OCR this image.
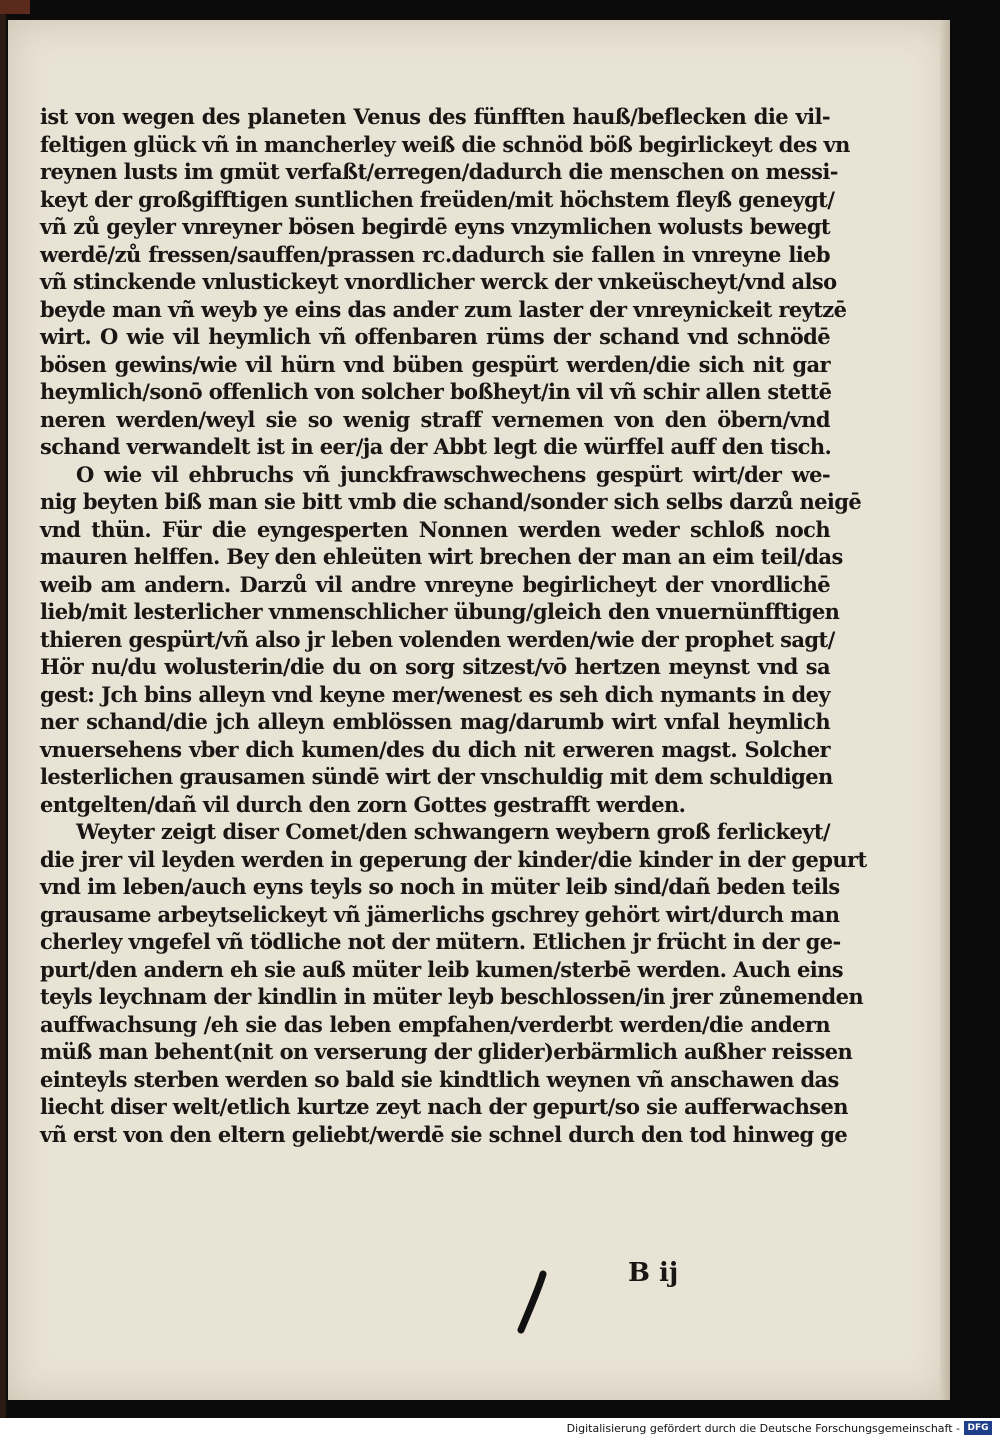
ist von wegen des planeten Venus des fünfften hauß/beflecken die vil-
feltigen glück vñ in mancherley weiß die schnöd böß begirlickeyt des vn
reynen lusts im gmüt verfaßt/erregen/dadurch die menschen on messi-
keyt der großgifftigen suntlichen freüden/mit höchstem fleyß geneygt/
vñ zů geyler vnreyner bösen begirdē eyns vnzymlichen wolusts bewegt
werdē/zů fressen/sauffen/prassen rc.dadurch sie fallen in vnreyne lieb
vñ stinckende vnlustickeyt vnordlicher werck der vnkeüscheyt/vnd also
beyde man vñ weyb ye eins das ander zum laster der vnreynickeit reytzē
wirt. O wie vil heymlich vñ offenbaren rüms der schand vnd schnödē
bösen gewins/wie vil hürn vnd büben gespürt werden/die sich nit gar
heymlich/sonō offenlich von solcher boßheyt/in vil vñ schir allen stettē
neren werden/weyl sie so wenig straff vernemen von den öbern/vnd
schand verwandelt ist in eer/ja der Abbt legt die würffel auff den tisch.
O wie vil ehbruchs vñ junckfrawschwechens gespürt wirt/der we-
nig beyten biß man sie bitt vmb die schand/sonder sich selbs darzů neigē
vnd thün. Für die eyngesperten Nonnen werden weder schloß noch
mauren helffen. Bey den ehleüten wirt brechen der man an eim teil/das
weib am andern. Darzů vil andre vnreyne begirlicheyt der vnordlichē
lieb/mit lesterlicher vnmenschlicher übung/gleich den vnuernünfftigen
thieren gespürt/vñ also jr leben volenden werden/wie der prophet sagt/
Hör nu/du wolusterin/die du on sorg sitzest/vō hertzen meynst vnd sa
gest: Jch bins alleyn vnd keyne mer/wenest es seh dich nymants in dey
ner schand/die jch alleyn emblössen mag/darumb wirt vnfal heymlich
vnuersehens vber dich kumen/des du dich nit erweren magst. Solcher
lesterlichen grausamen sündē wirt der vnschuldig mit dem schuldigen
entgelten/dañ vil durch den zorn Gottes gestrafft werden.
Weyter zeigt diser Comet/den schwangern weybern groß ferlickeyt/
die jrer vil leyden werden in geperung der kinder/die kinder in der gepurt
vnd im leben/auch eyns teyls so noch in müter leib sind/dañ beden teils
grausame arbeytselickeyt vñ jämerlichs gschrey gehört wirt/durch man
cherley vngefel vñ tödliche not der mütern. Etlichen jr frücht in der ge-
purt/den andern eh sie auß müter leib kumen/sterbē werden. Auch eins
teyls leychnam der kindlin in müter leyb beschlossen/in jrer zůnemenden
auffwachsung /eh sie das leben empfahen/verderbt werden/die andern
müß man behent(nit on verserung der glider)erbärmlich außher reissen
einteyls sterben werden so bald sie kindtlich weynen vñ anschawen das
liecht diser welt/etlich kurtze zeyt nach der gepurt/so sie aufferwachsen
vñ erst von den eltern geliebt/werdē sie schnel durch den tod hinweg ge
B ij
Digitalisierung gefördert durch die Deutsche Forschungsgemeinschaft - DFG
